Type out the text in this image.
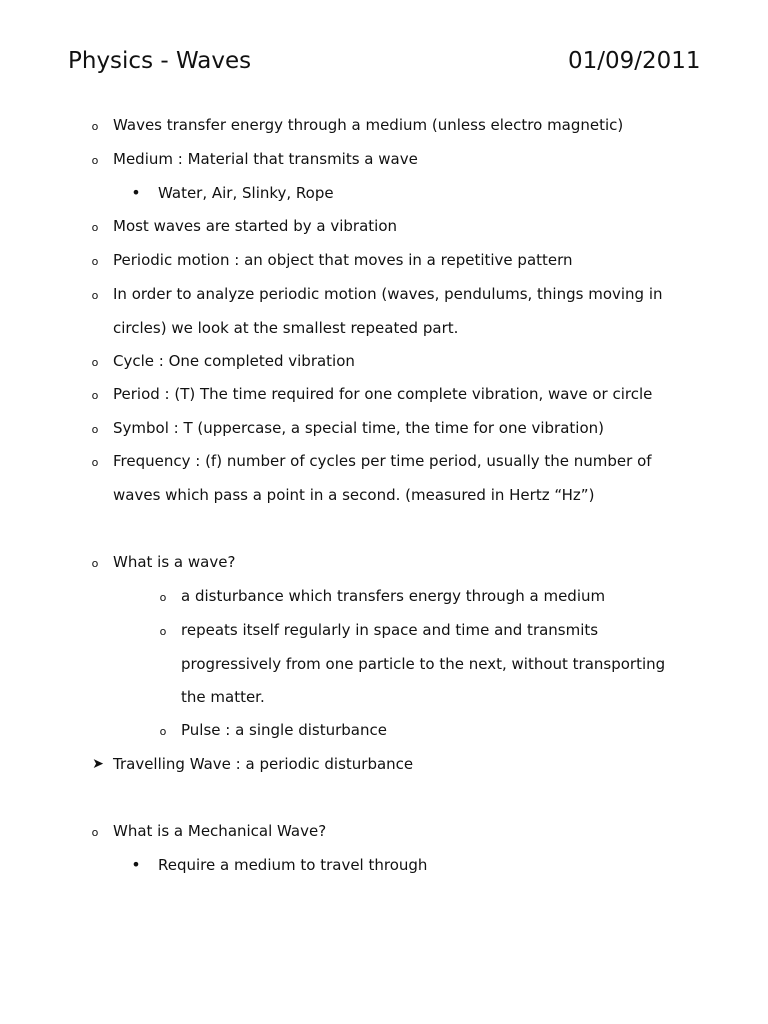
Physics - Waves	01/09/2011
o Waves transfer energy through a medium (unless electro magnetic)
o Medium : Material that transmits a wave
• Water, Air, Slinky, Rope
o Most waves are started by a vibration
o Periodic motion : an object that moves in a repetitive pattern
o In order to analyze periodic motion (waves, pendulums, things moving in
circles) we look at the smallest repeated part.
o Cycle : One completed vibration
o Period : (T) The time required for one complete vibration, wave or circle
o Symbol : T (uppercase, a special time, the time for one vibration)
o Frequency : (f) number of cycles per time period, usually the number of
waves which pass a point in a second. (measured in Hertz “Hz”)
o What is a wave?
o a disturbance which transfers energy through a medium
o repeats itself regularly in space and time and transmits
progressively from one particle to the next, without transporting
the matter.
o Pulse : a single disturbance
➤ Travelling Wave : a periodic disturbance
o What is a Mechanical Wave?
• Require a medium to travel through
